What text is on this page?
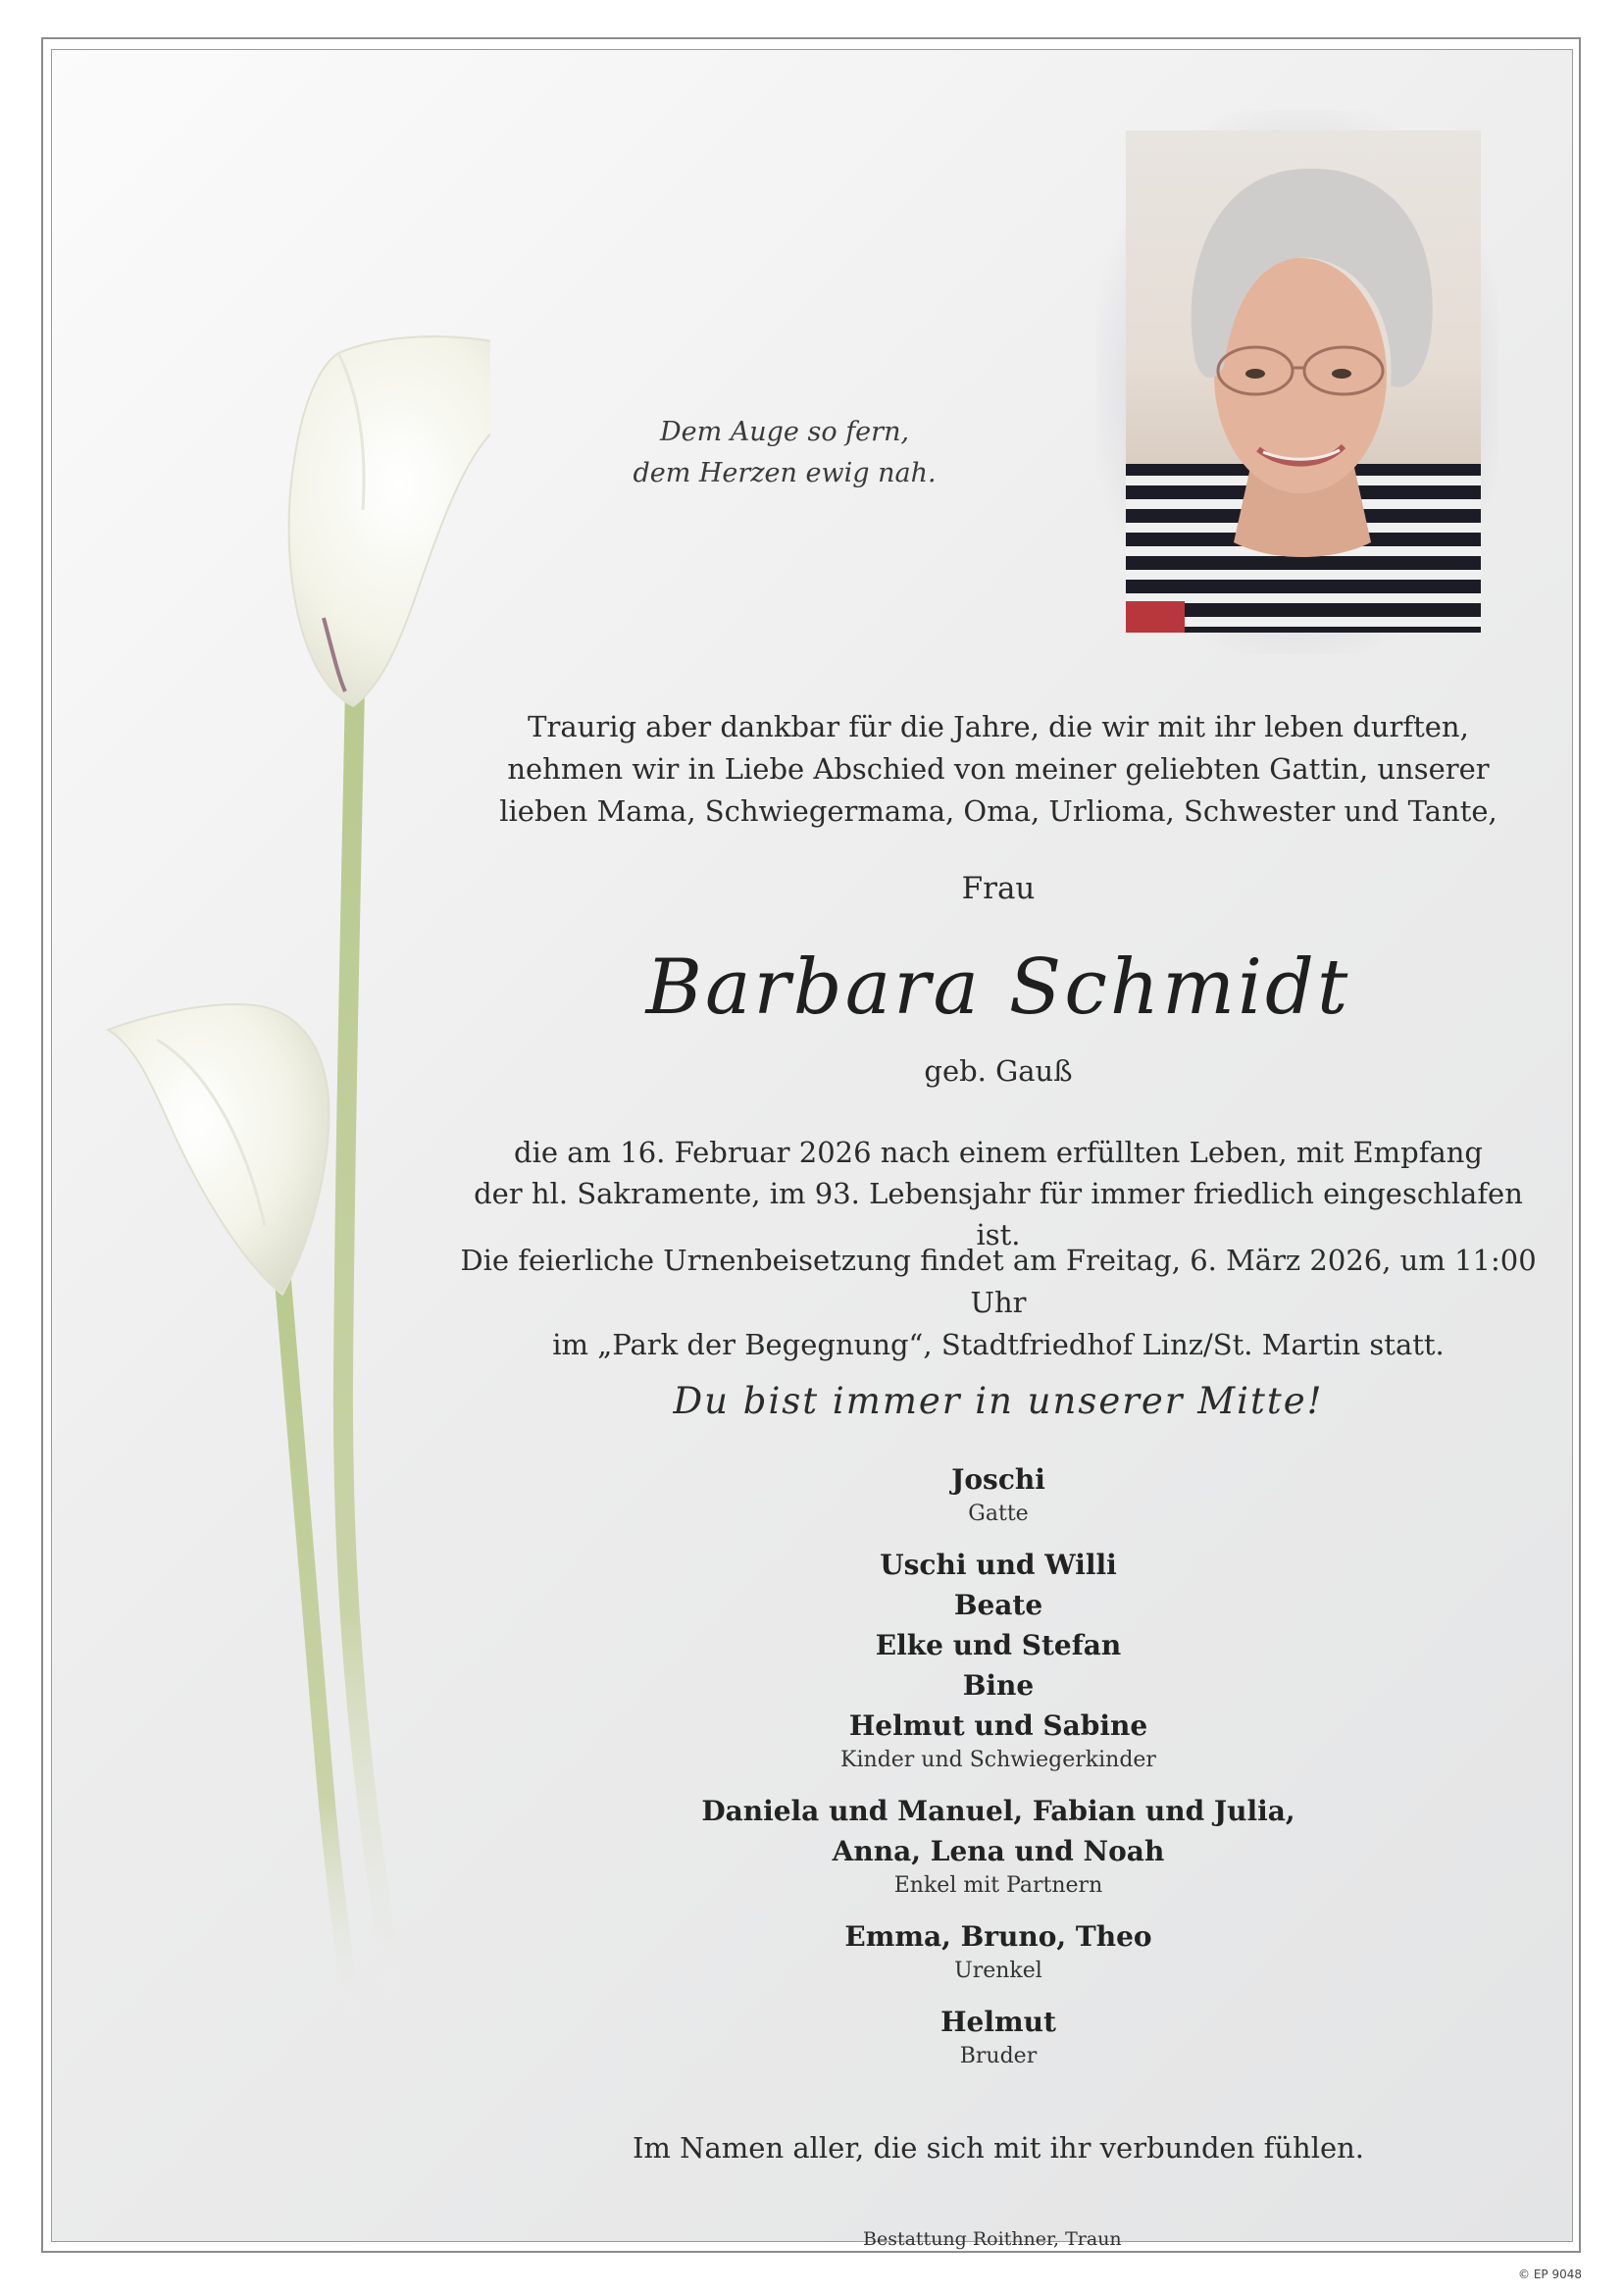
Dem Auge so fern,
dem Herzen ewig nah.
Traurig aber dankbar für die Jahre, die wir mit ihr leben durften,
nehmen wir in Liebe Abschied von meiner geliebten Gattin, unserer
lieben Mama, Schwiegermama, Oma, Urlioma, Schwester und Tante,
Frau
Barbara Schmidt
geb. Gauß
die am 16. Februar 2026 nach einem erfüllten Leben, mit Empfang
der hl. Sakramente, im 93. Lebensjahr für immer friedlich eingeschlafen ist.
Die feierliche Urnenbeisetzung findet am Freitag, 6. März 2026, um 11:00 Uhr
im „Park der Begegnung“, Stadtfriedhof Linz/St. Martin statt.
Du bist immer in unserer Mitte!
Joschi
Gatte
Uschi und Willi
Beate
Elke und Stefan
Bine
Helmut und Sabine
Kinder und Schwiegerkinder
Daniela und Manuel, Fabian und Julia,
Anna, Lena und Noah
Enkel mit Partnern
Emma, Bruno, Theo
Urenkel
Helmut
Bruder
Im Namen aller, die sich mit ihr verbunden fühlen.
Bestattung Roithner, Traun
© EP 9048
